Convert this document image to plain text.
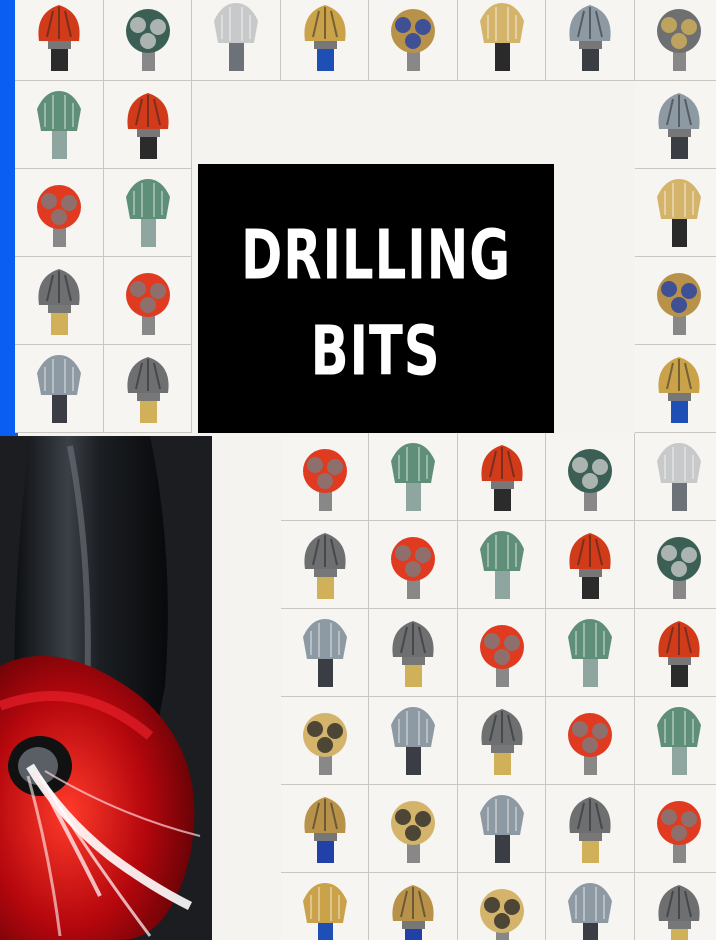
DRILLING
BITS
